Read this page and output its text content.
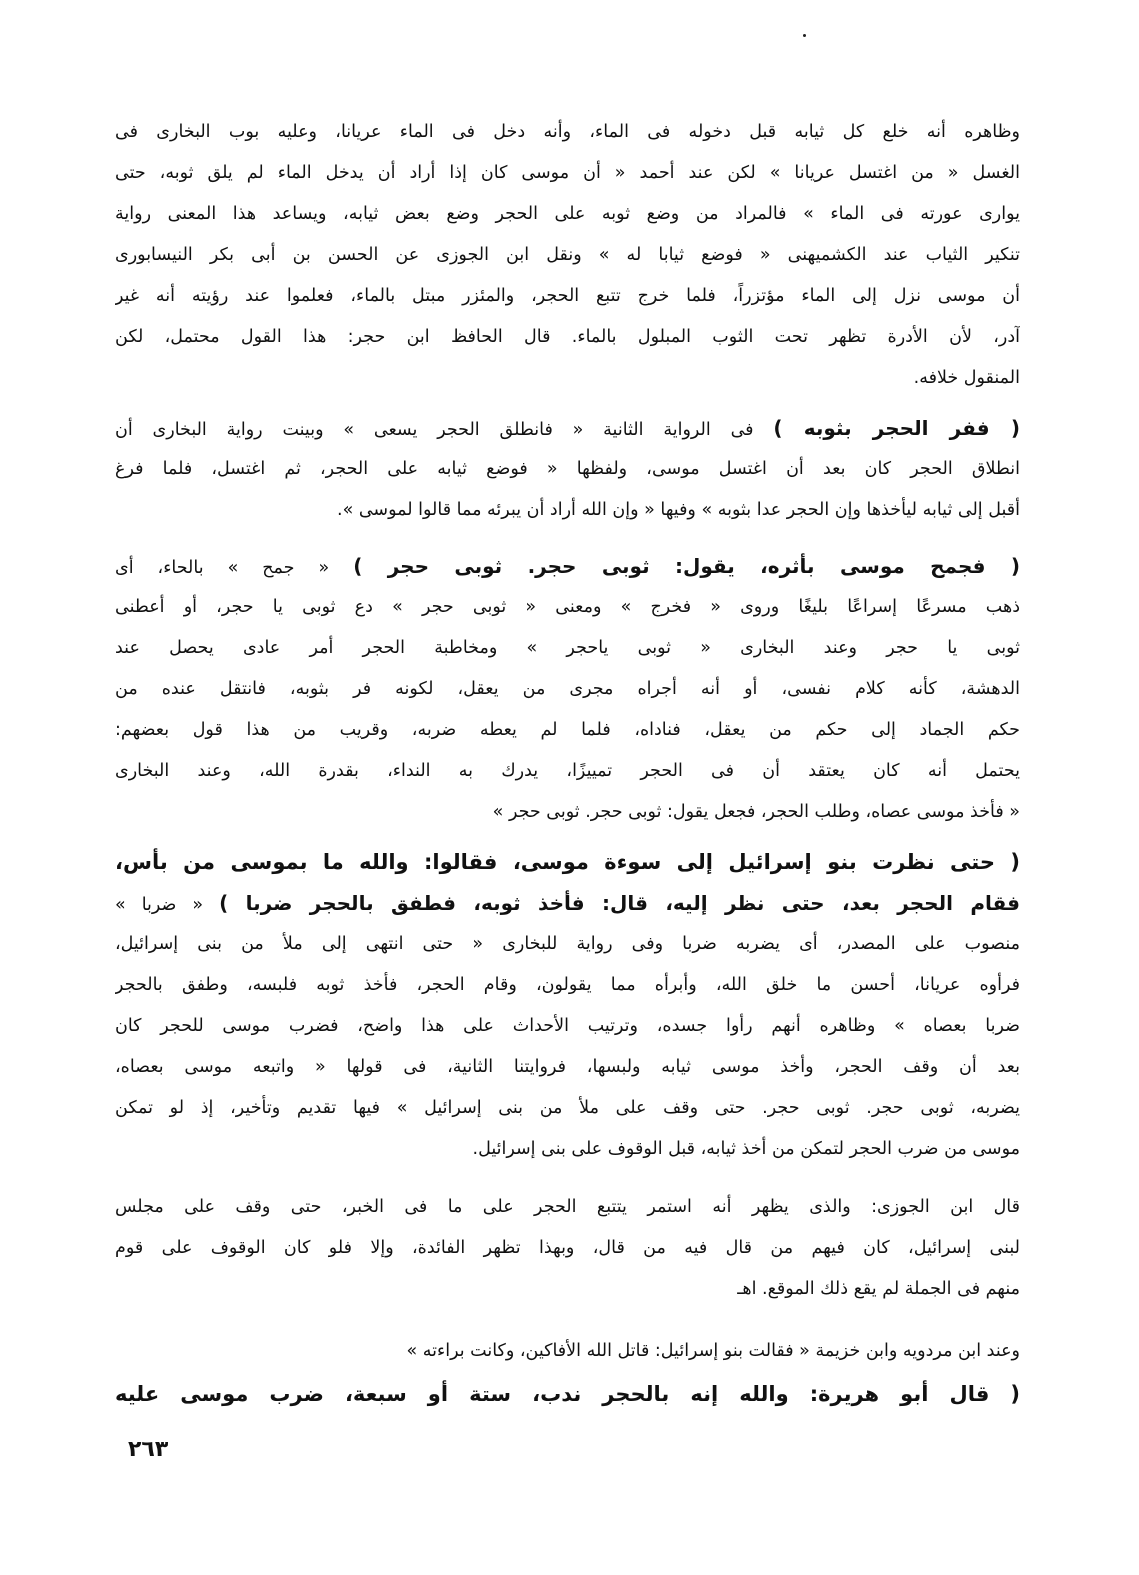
وظاهره أنه خلع كل ثيابه قبل دخوله فى الماء، وأنه دخل فى الماء عريانا، وعليه بوب البخارى فى
الغسل « من اغتسل عريانا » لكن عند أحمد « أن موسى كان إذا أراد أن يدخل الماء لم يلق ثوبه، حتى
يوارى عورته فى الماء » فالمراد من وضع ثوبه على الحجر وضع بعض ثيابه، ويساعد هذا المعنى رواية
تنكير الثياب عند الكشميهنى « فوضع ثيابا له » ونقل ابن الجوزى عن الحسن بن أبى بكر النيسابورى
أن موسى نزل إلى الماء مؤتزراً، فلما خرج تتبع الحجر، والمئزر مبتل بالماء، فعلموا عند رؤيته أنه غير
آدر، لأن الأدرة تظهر تحت الثوب المبلول بالماء. قال الحافظ ابن حجر: هذا القول محتمل، لكن
المنقول خلافه.
( ففر الحجر بثوبه ) فى الرواية الثانية « فانطلق الحجر يسعى » وبينت رواية البخارى أن
انطلاق الحجر كان بعد أن اغتسل موسى، ولفظها « فوضع ثيابه على الحجر، ثم اغتسل، فلما فرغ
أقبل إلى ثيابه ليأخذها وإن الحجر عدا بثوبه » وفيها « وإن الله أراد أن يبرئه مما قالوا لموسى ».
( فجمح موسى بأثره، يقول: ثوبى حجر. ثوبى حجر ) « جمح » بالحاء، أى
ذهب مسرعًا إسراعًا بليغًا وروى « فخرج » ومعنى « ثوبى حجر » دع ثوبى يا حجر، أو أعطنى
ثوبى يا حجر وعند البخارى « ثوبى ياحجر » ومخاطبة الحجر أمر عادى يحصل عند
الدهشة، كأنه كلام نفسى، أو أنه أجراه مجرى من يعقل، لكونه فر بثوبه، فانتقل عنده من
حكم الجماد إلى حكم من يعقل، فناداه، فلما لم يعطه ضربه، وقريب من هذا قول بعضهم:
يحتمل أنه كان يعتقد أن فى الحجر تمييزًا، يدرك به النداء، بقدرة الله، وعند البخارى
« فأخذ موسى عصاه، وطلب الحجر، فجعل يقول: ثوبى حجر. ثوبى حجر »
( حتى نظرت بنو إسرائيل إلى سوءة موسى، فقالوا: والله ما بموسى من بأس،
فقام الحجر بعد، حتى نظر إليه، قال: فأخذ ثوبه، فطفق بالحجر ضربا ) « ضربا »
منصوب على المصدر، أى يضربه ضربا وفى رواية للبخارى « حتى انتهى إلى ملأ من بنى إسرائيل،
فرأوه عريانا، أحسن ما خلق الله، وأبرأه مما يقولون، وقام الحجر، فأخذ ثوبه فلبسه، وطفق بالحجر
ضربا بعصاه » وظاهره أنهم رأوا جسده، وترتيب الأحداث على هذا واضح، فضرب موسى للحجر كان
بعد أن وقف الحجر، وأخذ موسى ثيابه ولبسها، فروايتنا الثانية، فى قولها « واتبعه موسى بعصاه،
يضربه، ثوبى حجر. ثوبى حجر. حتى وقف على ملأ من بنى إسرائيل » فيها تقديم وتأخير، إذ لو تمكن
موسى من ضرب الحجر لتمكن من أخذ ثيابه، قبل الوقوف على بنى إسرائيل.
قال ابن الجوزى: والذى يظهر أنه استمر يتتبع الحجر على ما فى الخبر، حتى وقف على مجلس
لبنى إسرائيل، كان فيهم من قال فيه من قال، وبهذا تظهر الفائدة، وإلا فلو كان الوقوف على قوم
منهم فى الجملة لم يقع ذلك الموقع. اهـ
وعند ابن مردويه وابن خزيمة « فقالت بنو إسرائيل: قاتل الله الأفاكين، وكانت براءته »
( قال أبو هريرة: والله إنه بالحجر ندب، ستة أو سبعة، ضرب موسى عليه
٢٦٣
